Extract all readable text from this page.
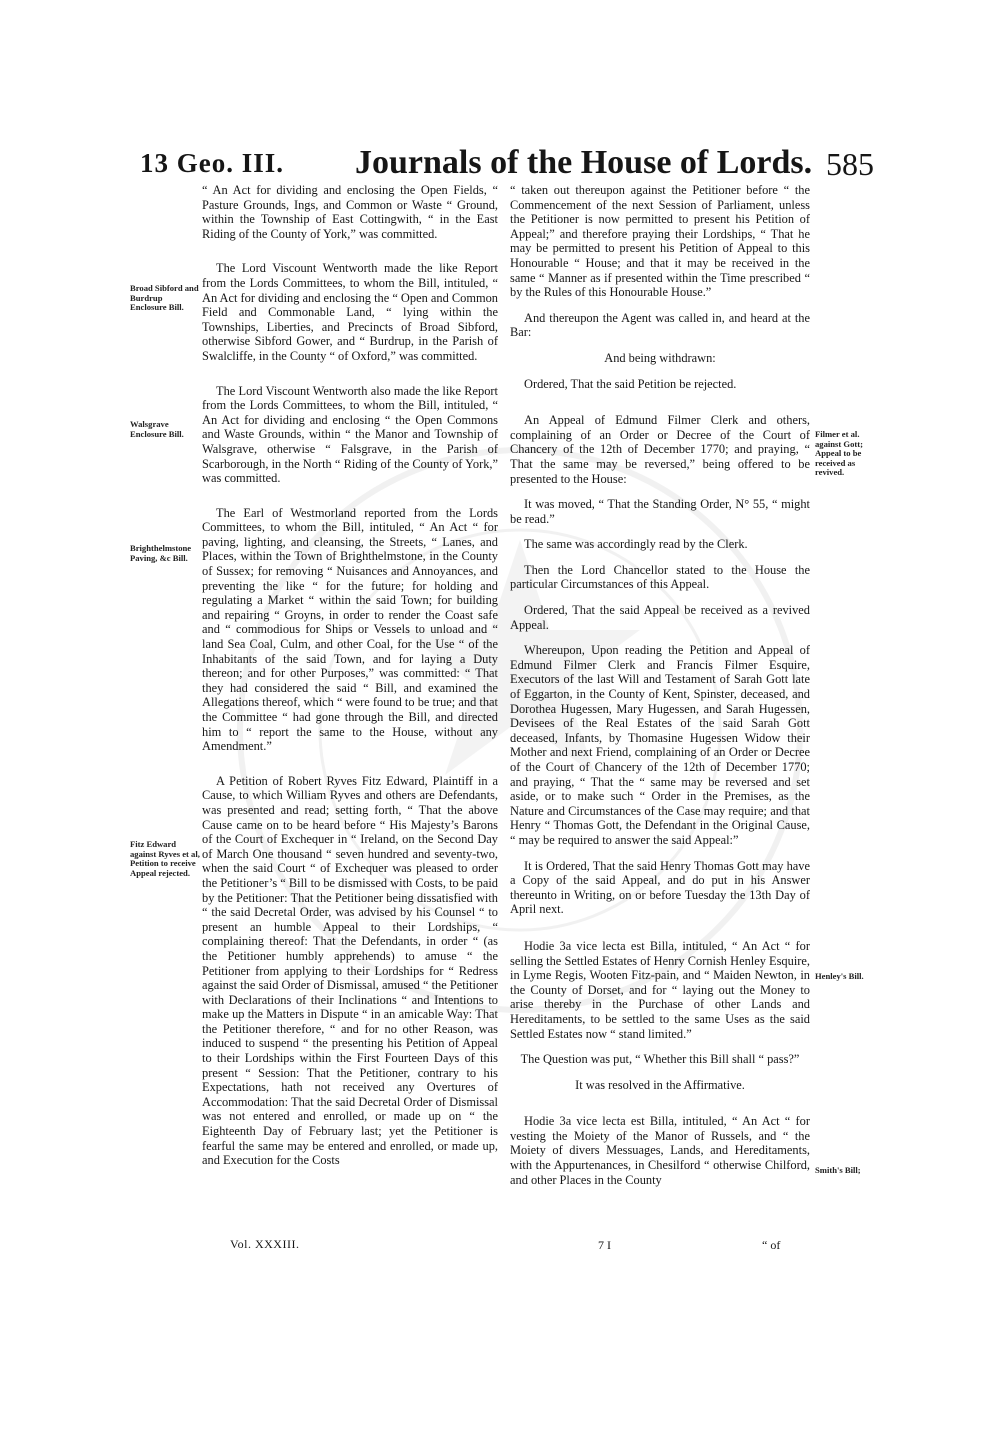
13 Geo. III. Journals of the House of Lords. 585

“ An Act for dividing and enclosing the Open Fields, “ Pasture Grounds, Ings, and Common or Waste “ Ground, within the Township of East Cottingwith, “ in the East Riding of the County of York,” was committed.

The Lord Viscount Wentworth made the like Report from the Lords Committees, to whom the Bill, intituled, “ An Act for dividing and enclosing the “ Open and Common Field and Commonable Land, “ lying within the Townships, Liberties, and Precincts of Broad Sibford, otherwise Sibford Gower, and “ Burdrup, in the Parish of Swalcliffe, in the County “ of Oxford,” was committed.

The Lord Viscount Wentworth also made the like Report from the Lords Committees, to whom the Bill, intituled, “ An Act for dividing and enclosing “ the Open Commons and Waste Grounds, within “ the Manor and Township of Walsgrave, otherwise “ Falsgrave, in the Parish of Scarborough, in the North “ Riding of the County of York,” was committed.

The Earl of Westmorland reported from the Lords Committees, to whom the Bill, intituled, “ An Act “ for paving, lighting, and cleansing, the Streets, “ Lanes, and Places, within the Town of Brighthelmstone, in the County of Sussex; for removing “ Nuisances and Annoyances, and preventing the like “ for the future; for holding and regulating a Market “ within the said Town; for building and repairing “ Groyns, in order to render the Coast safe and “ commodious for Ships or Vessels to unload and “ land Sea Coal, Culm, and other Coal, for the Use “ of the Inhabitants of the said Town, and for laying a Duty thereon; and for other Purposes,” was committed: “ That they had considered the said “ Bill, and examined the Allegations thereof, which “ were found to be true; and that the Committee “ had gone through the Bill, and directed him to “ report the same to the House, without any Amendment.”

A Petition of Robert Ryves Fitz Edward, Plaintiff in a Cause, to which William Ryves and others are Defendants, was presented and read; setting forth, “ That the above Cause came on to be heard before “ His Majesty’s Barons of the Court of Exchequer in “ Ireland, on the Second Day of March One thousand “ seven hundred and seventy-two, when the said Court “ of Exchequer was pleased to order the Petitioner’s “ Bill to be dismissed with Costs, to be paid by the Petitioner: That the Petitioner being dissatisfied with “ the said Decretal Order, was advised by his Counsel “ to present an humble Appeal to their Lordships, “ complaining thereof: That the Defendants, in order “ (as the Petitioner humbly apprehends) to amuse “ the Petitioner from applying to their Lordships for “ Redress against the said Order of Dismissal, amused “ the Petitioner with Declarations of their Inclinations “ and Intentions to make up the Matters in Dispute “ in an amicable Way: That the Petitioner therefore, “ and for no other Reason, was induced to suspend “ the presenting his Petition of Appeal to their Lordships within the First Fourteen Days of this present “ Session: That the Petitioner, contrary to his Expectations, hath not received any Overtures of Accommodation: That the said Decretal Order of Dismissal was not entered and enrolled, or made up on “ the Eighteenth Day of February last; yet the Petitioner is fearful the same may be entered and enrolled, or made up, and Execution for the Costs

“ taken out thereupon against the Petitioner before “ the Commencement of the next Session of Parliament, unless the Petitioner is now permitted to present his Petition of Appeal;” and therefore praying their Lordships, “ That he may be permitted to present his Petition of Appeal to this Honourable “ House; and that it may be received in the same “ Manner as if presented within the Time prescribed “ by the Rules of this Honourable House.”

And thereupon the Agent was called in, and heard at the Bar:

And being withdrawn:

Ordered, That the said Petition be rejected.

An Appeal of Edmund Filmer Clerk and others, complaining of an Order or Decree of the Court of Chancery of the 12th of December 1770; and praying, “ That the same may be reversed,” being offered to be presented to the House:

It was moved, “ That the Standing Order, N° 55, “ might be read.”

The same was accordingly read by the Clerk.

Then the Lord Chancellor stated to the House the particular Circumstances of this Appeal.

Ordered, That the said Appeal be received as a revived Appeal.

Whereupon, Upon reading the Petition and Appeal of Edmund Filmer Clerk and Francis Filmer Esquire, Executors of the last Will and Testament of Sarah Gott late of Eggarton, in the County of Kent, Spinster, deceased, and Dorothea Hugessen, Mary Hugessen, and Sarah Hugessen, Devisees of the Real Estates of the said Sarah Gott deceased, Infants, by Thomasine Hugessen Widow their Mother and next Friend, complaining of an Order or Decree of the Court of Chancery of the 12th of December 1770; and praying, “ That the “ same may be reversed and set aside, or to make such “ Order in the Premises, as the Nature and Circumstances of the Case may require; and that Henry “ Thomas Gott, the Defendant in the Original Cause, “ may be required to answer the said Appeal:”

It is Ordered, That the said Henry Thomas Gott may have a Copy of the said Appeal, and do put in his Answer thereunto in Writing, on or before Tuesday the 13th Day of April next.

Hodie 3a vice lecta est Billa, intituled, “ An Act “ for selling the Settled Estates of Henry Cornish Henley Esquire, in Lyme Regis, Wooten Fitz-pain, and “ Maiden Newton, in the County of Dorset, and for “ laying out the Money to arise thereby in the Purchase of other Lands and Hereditaments, to be settled to the same Uses as the said Settled Estates now “ stand limited.”

The Question was put, “ Whether this Bill shall “ pass?”

It was resolved in the Affirmative.

Hodie 3a vice lecta est Billa, intituled, “ An Act “ for vesting the Moiety of the Manor of Russels, and “ the Moiety of divers Messuages, Lands, and Hereditaments, with the Appurtenances, in Chesilford “ otherwise Chilford, and other Places in the County

Broad Sibford and Burdrup Enclosure Bill.
Walsgrave Enclosure Bill.
Brighthelmstone Paving, &c Bill.
Fitz Edward against Ryves et al, Petition to receive Appeal rejected.
Filmer et al. against Gott; Appeal to be received as revived.
Henley's Bill.
Smith's Bill;
Vol. XXXIII.	7 I	“ of
